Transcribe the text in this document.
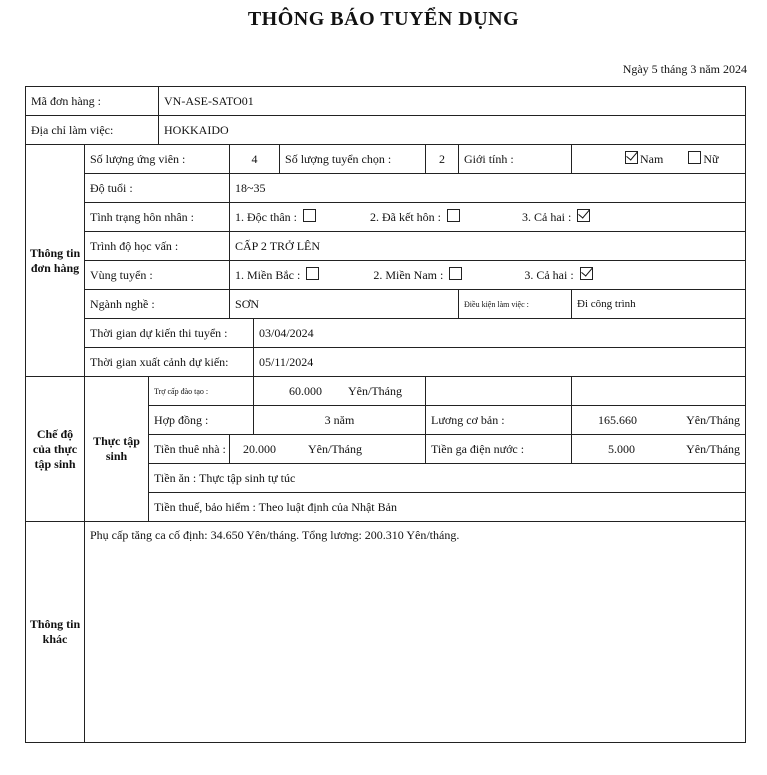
THÔNG BÁO TUYỂN DỤNG
Ngày 5 tháng 3 năm 2024
Mã đơn hàng :			VN-ASE-SATO01							
Địa chỉ làm việc:			HOKKAIDO							
Thông tin đơn hàng	Số lượng ứng viên :			4		Số lượng tuyển chọn :	2	Giới tính :	Nam Nữ	
	Độ tuổi :			18~35						
	Tình trạng hôn nhân :			1. Độc thân : 2. Đã kết hôn : 3. Cả hai :						
	Trình độ học vấn :			CẤP 2 TRỞ LÊN						
	Vùng tuyển :			1. Miền Bắc : 2. Miền Nam : 3. Cả hai :						
	Ngành nghề :			SƠN				Điều kiện làm việc :	Đi công trình	
	Thời gian dự kiến thi tuyển :				03/04/2024					
	Thời gian xuất cảnh dự kiến:				05/11/2024					
Chế độ của thực tập sinh	Thực tập sinh	Trợ cấp đào tạo :			60.000 Yên/Tháng					
		Hợp đồng :			3 năm		Lương cơ bản :		165.660	Yên/Tháng
		Tiền thuê nhà :		20.000 Yên/Tháng			Tiền ga điện nước :		5.000	Yên/Tháng
		Tiền ăn : Thực tập sinh tự túc								
		Tiền thuế, bảo hiểm : Theo luật định của Nhật Bản								
Thông tin khác	Phụ cấp tăng ca cố định: 34.650 Yên/tháng. Tổng lương: 200.310 Yên/tháng.									
